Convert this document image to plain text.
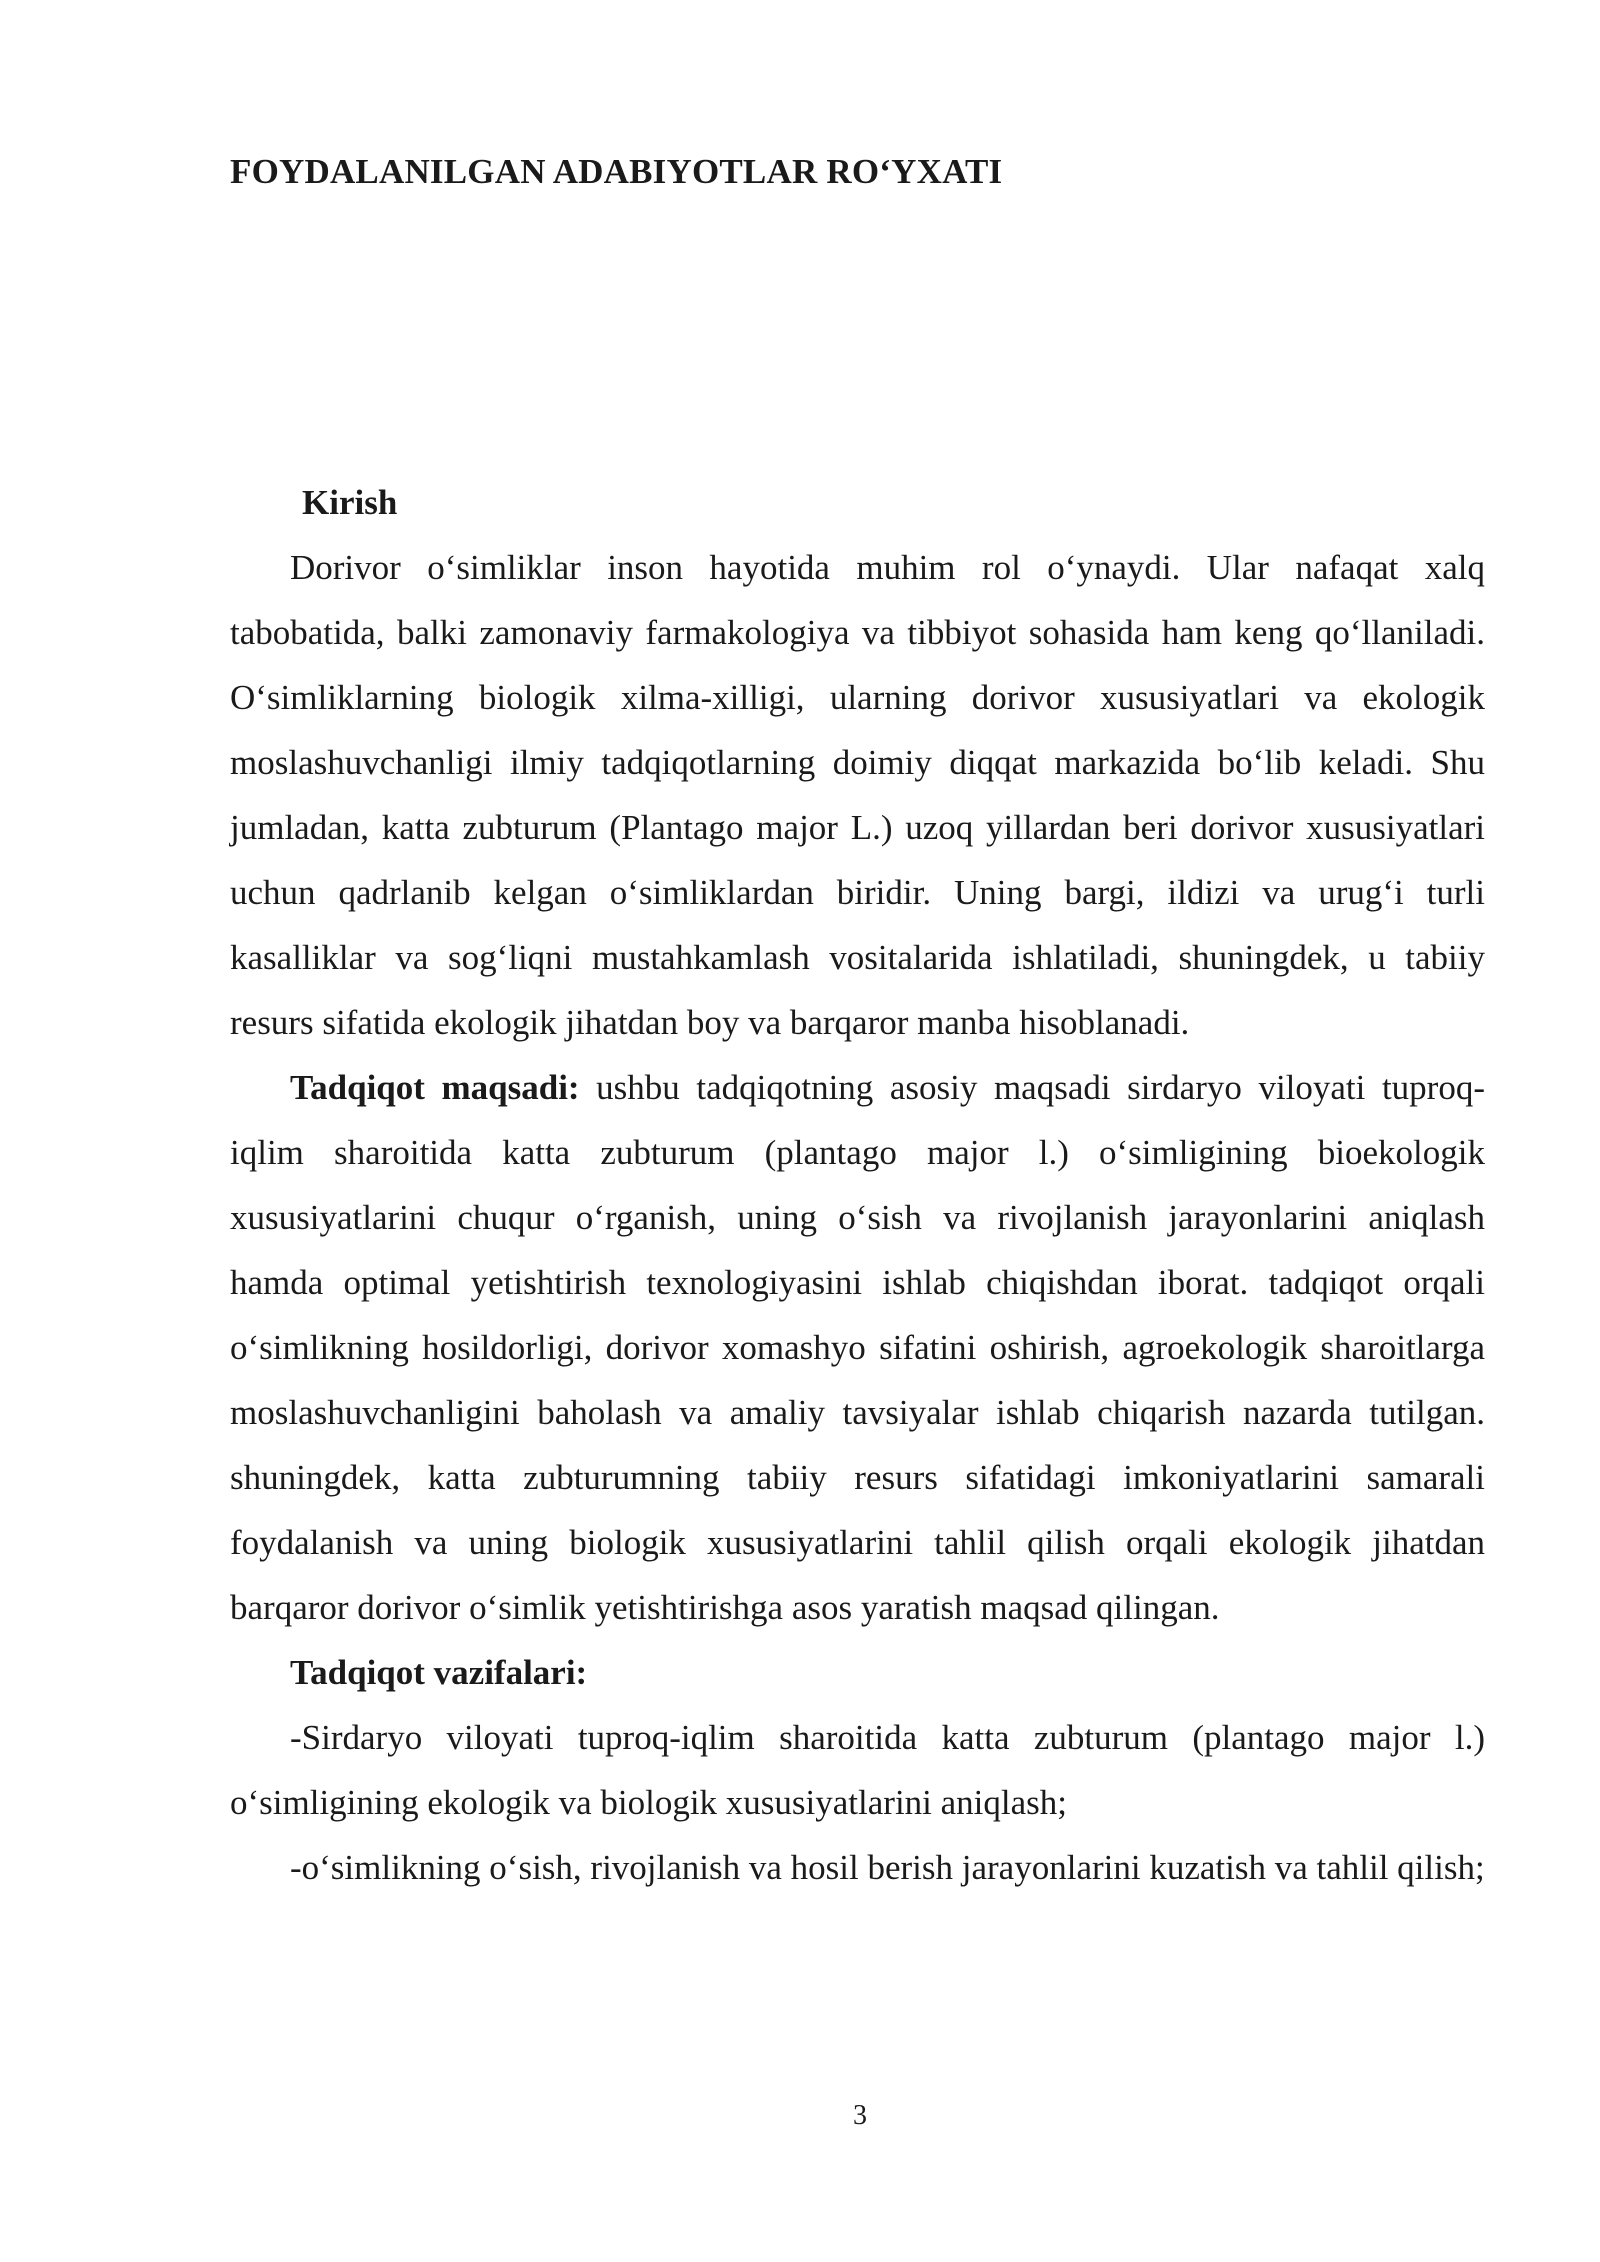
FOYDALANILGAN ADABIYOTLAR RO‘YXATI
Kirish

Dorivor o‘simliklar inson hayotida muhim rol o‘ynaydi. Ular nafaqat xalq tabobatida, balki zamonaviy farmakologiya va tibbiyot sohasida ham keng qo‘llaniladi. O‘simliklarning biologik xilma-xilligi, ularning dorivor xususiyatlari va ekologik moslashuvchanligi ilmiy tadqiqotlarning doimiy diqqat markazida bo‘lib keladi. Shu jumladan, katta zubturum (Plantago major L.) uzoq yillardan beri dorivor xususiyatlari uchun qadrlanib kelgan o‘simliklardan biridir. Uning bargi, ildizi va urug‘i turli kasalliklar va sog‘liqni mustahkamlash vositalarida ishlatiladi, shuningdek, u tabiiy resurs sifatida ekologik jihatdan boy va barqaror manba hisoblanadi.

Tadqiqot maqsadi: ushbu tadqiqotning asosiy maqsadi sirdaryo viloyati tuproq-iqlim sharoitida katta zubturum (plantago major l.) o‘simligining bioekologik xususiyatlarini chuqur o‘rganish, uning o‘sish va rivojlanish jarayonlarini aniqlash hamda optimal yetishtirish texnologiyasini ishlab chiqishdan iborat. tadqiqot orqali o‘simlikning hosildorligi, dorivor xomashyo sifatini oshirish, agroekologik sharoitlarga moslashuvchanligini baholash va amaliy tavsiyalar ishlab chiqarish nazarda tutilgan. shuningdek, katta zubturumning tabiiy resurs sifatidagi imkoniyatlarini samarali foydalanish va uning biologik xususiyatlarini tahlil qilish orqali ekologik jihatdan barqaror dorivor o‘simlik yetishtirishga asos yaratish maqsad qilingan.

Tadqiqot vazifalari:

-Sirdaryo viloyati tuproq-iqlim sharoitida katta zubturum (plantago major l.) o‘simligining ekologik va biologik xususiyatlarini aniqlash;

-o‘simlikning o‘sish, rivojlanish va hosil berish jarayonlarini kuzatish va tahlil qilish;

3
